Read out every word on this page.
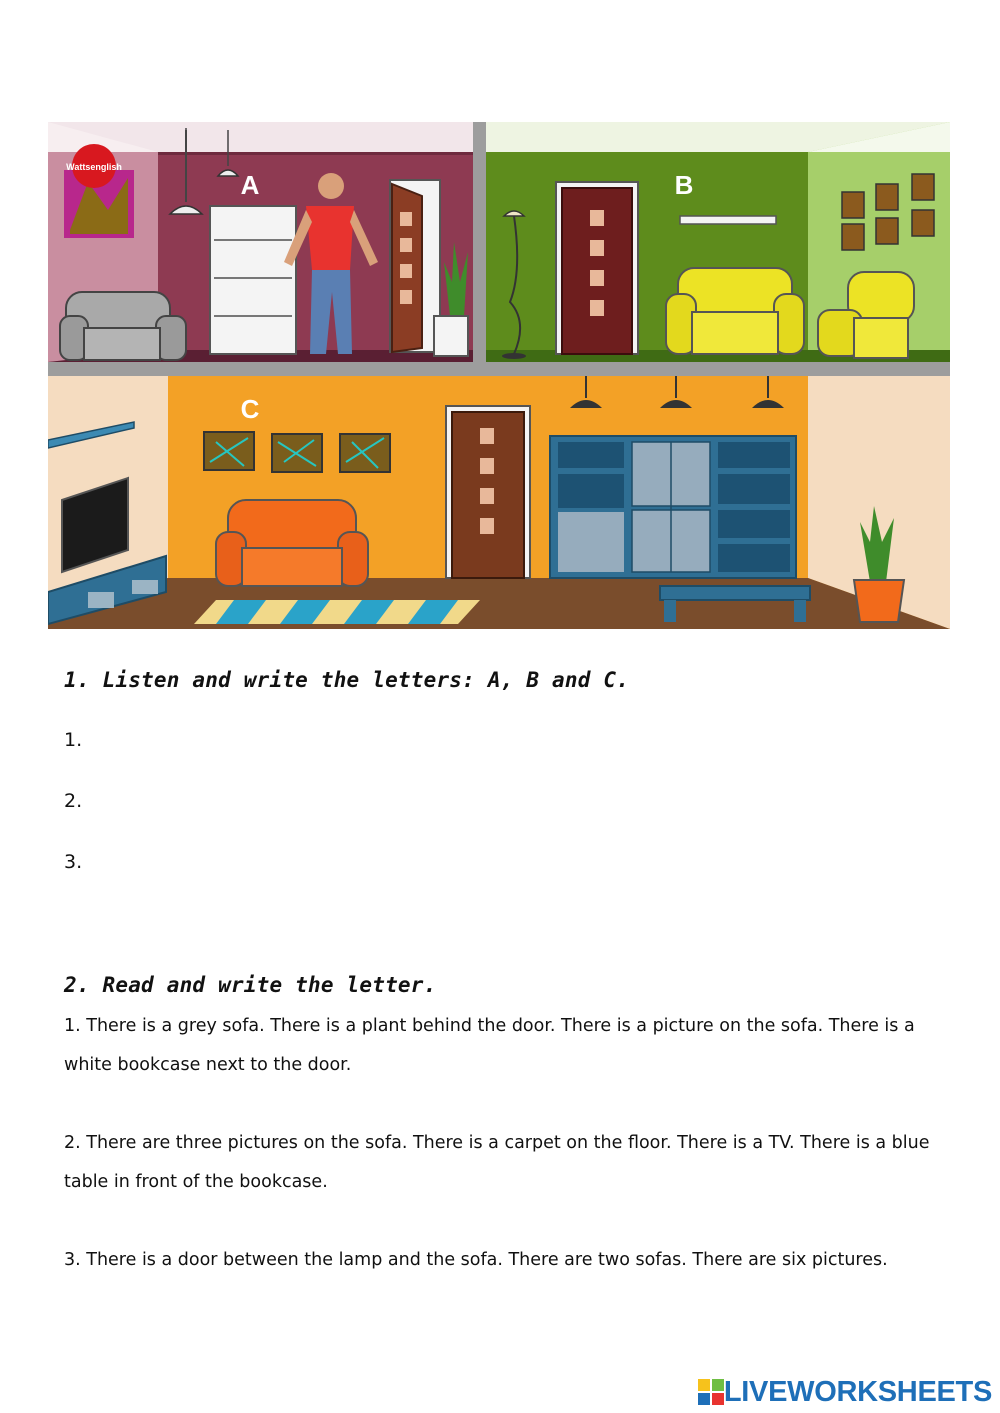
Wattsenglish
A	B
C
1. Listen and write the letters: A, B and C.
1.
2.
3.
2. Read and write the letter.
1. There is a grey sofa. There is a plant behind the door. There is a picture on the sofa. There is a white bookcase next to the door.
2. There are three pictures on the sofa. There is a carpet on the floor. There is a TV. There is a blue table in front of the bookcase.
3. There is a door between the lamp and the sofa. There are two sofas. There are six pictures.
LIVEWORKSHEETS
